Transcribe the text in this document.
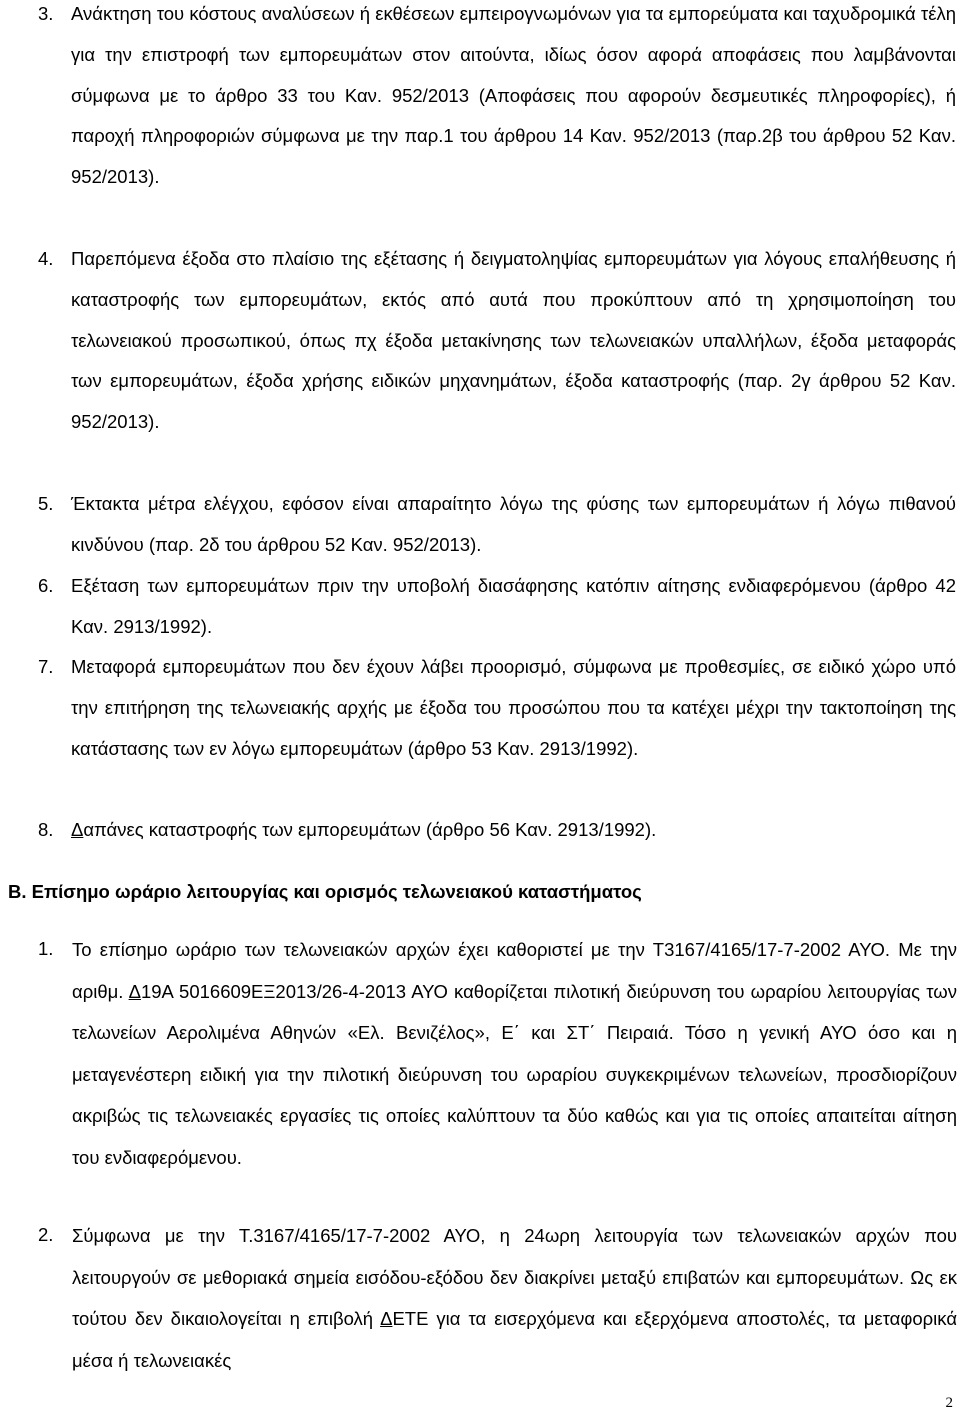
3. Ανάκτηση του κόστους αναλύσεων ή εκθέσεων εμπειρογνωμόνων για τα εμπορεύματα και ταχυδρομικά τέλη για την επιστροφή των εμπορευμάτων στον αιτούντα, ιδίως όσον αφορά αποφάσεις που λαμβάνονται σύμφωνα με το άρθρο 33 του Καν. 952/2013 (Αποφάσεις που αφορούν δεσμευτικές πληροφορίες), ή παροχή πληροφοριών σύμφωνα με την παρ.1 του άρθρου 14 Καν. 952/2013 (παρ.2β του άρθρου 52 Καν. 952/2013).
4. Παρεπόμενα έξοδα στο πλαίσιο της εξέτασης ή δειγματοληψίας εμπορευμάτων για λόγους επαλήθευσης ή καταστροφής των εμπορευμάτων, εκτός από αυτά που προκύπτουν από τη χρησιμοποίηση του τελωνειακού προσωπικού, όπως πχ έξοδα μετακίνησης των τελωνειακών υπαλλήλων, έξοδα μεταφοράς των εμπορευμάτων, έξοδα χρήσης ειδικών μηχανημάτων, έξοδα καταστροφής (παρ. 2γ άρθρου 52 Καν. 952/2013).
5. Έκτακτα μέτρα ελέγχου, εφόσον είναι απαραίτητο λόγω της φύσης των εμπορευμάτων ή λόγω πιθανού κινδύνου (παρ. 2δ του άρθρου 52 Καν. 952/2013).
6. Εξέταση των εμπορευμάτων πριν την υποβολή διασάφησης κατόπιν αίτησης ενδιαφερόμενου (άρθρο 42 Καν. 2913/1992).
7. Μεταφορά εμπορευμάτων που δεν έχουν λάβει προορισμό, σύμφωνα με προθεσμίες, σε ειδικό χώρο υπό την επιτήρηση της τελωνειακής αρχής με έξοδα του προσώπου που τα κατέχει μέχρι την τακτοποίηση της κατάστασης των εν λόγω εμπορευμάτων (άρθρο 53 Καν. 2913/1992).
8. Δαπάνες καταστροφής των εμπορευμάτων (άρθρο 56 Καν. 2913/1992).
Β. Επίσημο ωράριο λειτουργίας και ορισμός τελωνειακού καταστήματος
1. Το επίσημο ωράριο των τελωνειακών αρχών έχει καθοριστεί με την Τ3167/4165/17-7-2002 ΑΥΟ. Με την αριθμ. Δ19Α 5016609ΕΞ2013/26-4-2013 ΑΥΟ καθορίζεται πιλοτική διεύρυνση του ωραρίου λειτουργίας των τελωνείων Αερολιμένα Αθηνών «Ελ. Βενιζέλος», Ε΄ και ΣΤ΄ Πειραιά. Τόσο η γενική ΑΥΟ όσο και η μεταγενέστερη ειδική για την πιλοτική διεύρυνση του ωραρίου συγκεκριμένων τελωνείων, προσδιορίζουν ακριβώς τις τελωνειακές εργασίες τις οποίες καλύπτουν τα δύο καθώς και για τις οποίες απαιτείται αίτηση του ενδιαφερόμενου.
2. Σύμφωνα με την Τ.3167/4165/17-7-2002 ΑΥΟ, η 24ωρη λειτουργία των τελωνειακών αρχών που λειτουργούν σε μεθοριακά σημεία εισόδου-εξόδου δεν διακρίνει μεταξύ επιβατών και εμπορευμάτων. Ως εκ τούτου δεν δικαιολογείται η επιβολή ΔΕΤΕ για τα εισερχόμενα και εξερχόμενα αποστολές, τα μεταφορικά μέσα ή τελωνειακές
2
